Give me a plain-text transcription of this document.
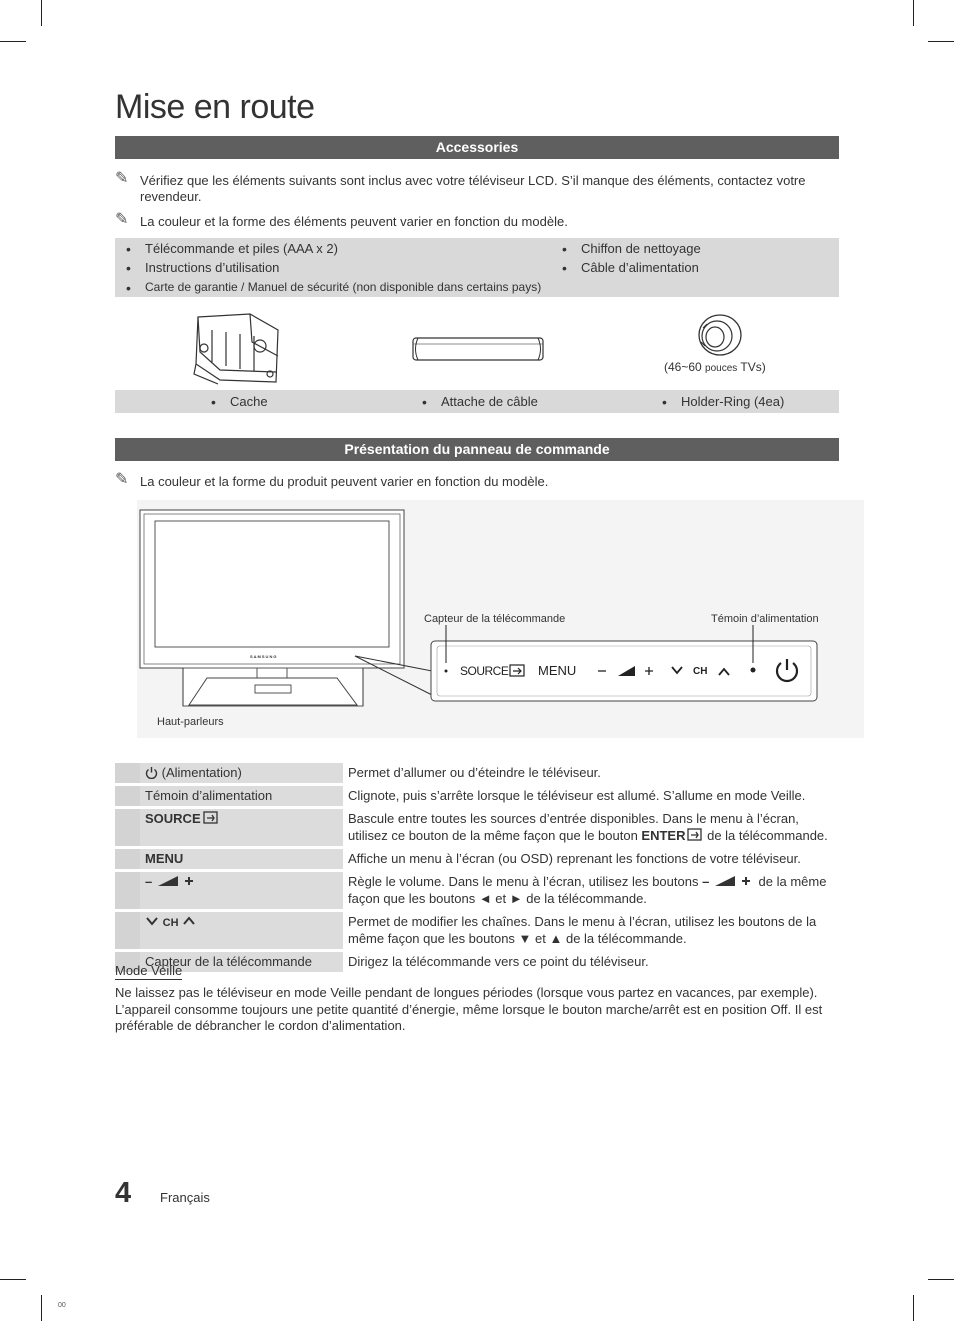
Mise en route
Accessories
✎ Vérifiez que les éléments suivants sont inclus avec votre téléviseur LCD. S’il manque des éléments, contactez votre revendeur.
✎ La couleur et la forme des éléments peuvent varier en fonction du modèle.
• Télécommande et piles (AAA x 2)
• Instructions d’utilisation
• Carte de garantie / Manuel de sécurité (non disponible dans certains pays)
• Chiffon de nettoyage
• Câble d’alimentation
(46~60 pouces TVs)
• Cache	• Attache de câble	• Holder-Ring (4ea)
Présentation du panneau de commande
✎ La couleur et la forme du produit peuvent varier en fonction du modèle.
SAMSUNG
Capteur de la télécommande	Témoin d’alimentation
Haut-parleurs
SOURCE MENU	CH
	(Alimentation)	Permet d’allumer ou d’éteindre le téléviseur.
	Témoin d’alimentation	Clignote, puis s’arrête lorsque le téléviseur est allumé. S’allume en mode Veille.
	SOURCE	Bascule entre toutes les sources d’entrée disponibles. Dans le menu à l’écran, utilisez ce bouton de la même façon que le bouton ENTER de la télécommande.
	MENU	Affiche un menu à l’écran (ou OSD) reprenant les fonctions de votre téléviseur.
	–	Règle le volume. Dans le menu à l’écran, utilisez les boutons – de la même façon que les boutons ◄ et ► de la télécommande.
	CH	Permet de modifier les chaînes. Dans le menu à l’écran, utilisez les boutons de la même façon que les boutons ▼ et ▲ de la télécommande.
	Capteur de la télécommande	Dirigez la télécommande vers ce point du téléviseur.
Mode Veille
Ne laissez pas le téléviseur en mode Veille pendant de longues périodes (lorsque vous partez en vacances, par exemple). L’appareil consomme toujours une petite quantité d’énergie, même lorsque le bouton marche/arrêt est en position Off. Il est préférable de débrancher le cordon d’alimentation.
4 Français
00
